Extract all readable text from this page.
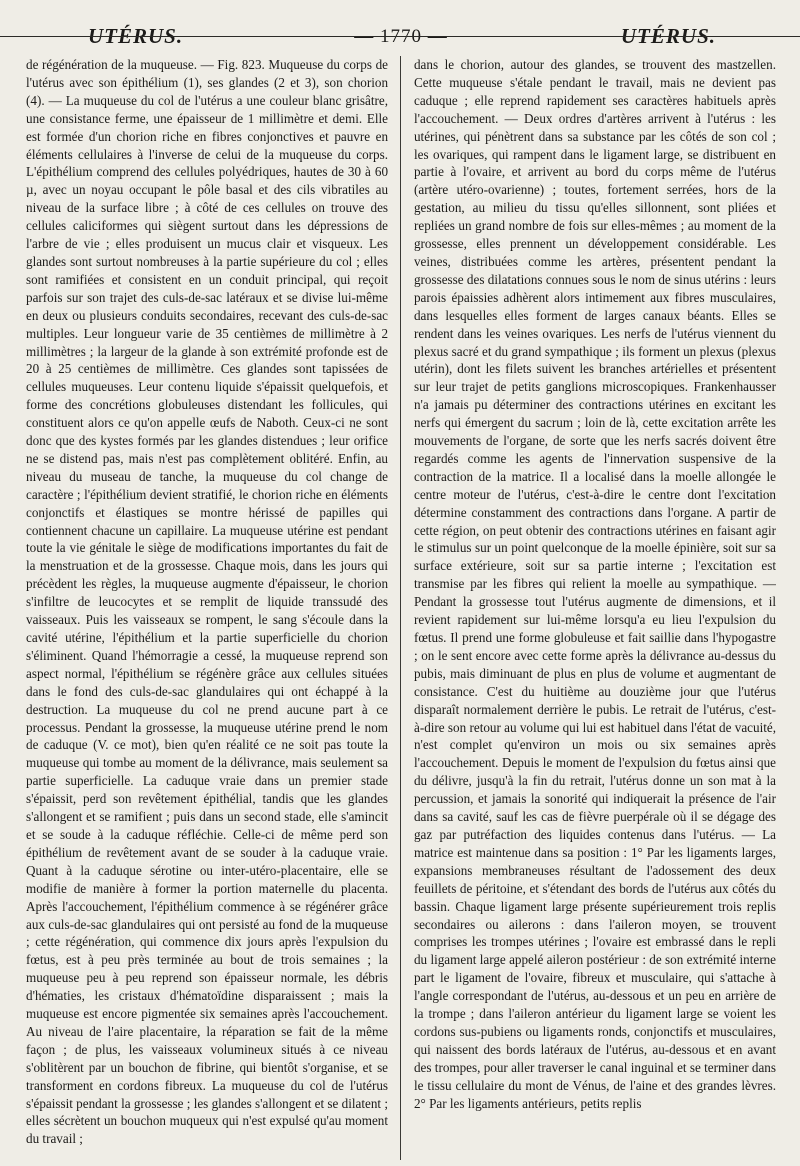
UTÉRUS.	— 1770 —	UTÉRUS.

de régénération de la muqueuse. — Fig. 823. Muqueuse du corps de l'utérus avec son épithélium (1), ses glandes (2 et 3), son chorion (4). — La muqueuse du col de l'utérus a une couleur blanc grisâtre, une consistance ferme, une épaisseur de 1 millimètre et demi. Elle est formée d'un chorion riche en fibres conjonctives et pauvre en éléments cellulaires à l'inverse de celui de la muqueuse du corps. L'épithélium comprend des cellules polyédriques, hautes de 30 à 60 µ, avec un noyau occupant le pôle basal et des cils vibratiles au niveau de la surface libre ; à côté de ces cellules on trouve des cellules caliciformes qui siègent surtout dans les dépressions de l'arbre de vie ; elles produisent un mucus clair et visqueux. Les glandes sont surtout nombreuses à la partie supérieure du col ; elles sont ramifiées et consistent en un conduit principal, qui reçoit parfois sur son trajet des culs-de-sac latéraux et se divise lui-même en deux ou plusieurs conduits secondaires, recevant des culs-de-sac multiples. Leur longueur varie de 35 centièmes de millimètre à 2 millimètres ; la largeur de la glande à son extrémité profonde est de 20 à 25 centièmes de millimètre. Ces glandes sont tapissées de cellules muqueuses. Leur contenu liquide s'épaissit quelquefois, et forme des concrétions globuleuses distendant les follicules, qui constituent alors ce qu'on appelle œufs de Naboth. Ceux-ci ne sont donc que des kystes formés par les glandes distendues ; leur orifice ne se distend pas, mais n'est pas complètement oblitéré. Enfin, au niveau du museau de tanche, la muqueuse du col change de caractère ; l'épithélium devient stratifié, le chorion riche en éléments conjonctifs et élastiques se montre hérissé de papilles qui contiennent chacune un capillaire. La muqueuse utérine est pendant toute la vie génitale le siège de modifications importantes du fait de la menstruation et de la grossesse. Chaque mois, dans les jours qui précèdent les règles, la muqueuse augmente d'épaisseur, le chorion s'infiltre de leucocytes et se remplit de liquide transsudé des vaisseaux. Puis les vaisseaux se rompent, le sang s'écoule dans la cavité utérine, l'épithélium et la partie superficielle du chorion s'éliminent. Quand l'hémorragie a cessé, la muqueuse reprend son aspect normal, l'épithélium se régénère grâce aux cellules situées dans le fond des culs-de-sac glandulaires qui ont échappé à la destruction. La muqueuse du col ne prend aucune part à ce processus. Pendant la grossesse, la muqueuse utérine prend le nom de caduque (V. ce mot), bien qu'en réalité ce ne soit pas toute la muqueuse qui tombe au moment de la délivrance, mais seulement sa partie superficielle. La caduque vraie dans un premier stade s'épaissit, perd son revêtement épithélial, tandis que les glandes s'allongent et se ramifient ; puis dans un second stade, elle s'amincit et se soude à la caduque réfléchie. Celle-ci de même perd son épithélium de revêtement avant de se souder à la caduque vraie. Quant à la caduque sérotine ou inter-utéro-placentaire, elle se modifie de manière à former la portion maternelle du placenta. Après l'accouchement, l'épithélium commence à se régénérer grâce aux culs-de-sac glandulaires qui ont persisté au fond de la muqueuse ; cette régénération, qui commence dix jours après l'expulsion du fœtus, est à peu près terminée au bout de trois semaines ; la muqueuse peu à peu reprend son épaisseur normale, les débris d'hématies, les cristaux d'hématoïdine disparaissent ; mais la muqueuse est encore pigmentée six semaines après l'accouchement. Au niveau de l'aire placentaire, la réparation se fait de la même façon ; de plus, les vaisseaux volumineux situés à ce niveau s'oblitèrent par un bouchon de fibrine, qui bientôt s'organise, et se transforment en cordons fibreux. La muqueuse du col de l'utérus s'épaissit pendant la grossesse ; les glandes s'allongent et se dilatent ; elles sécrètent un bouchon muqueux qui n'est expulsé qu'au moment du travail ;

dans le chorion, autour des glandes, se trouvent des mastzellen. Cette muqueuse s'étale pendant le travail, mais ne devient pas caduque ; elle reprend rapidement ses caractères habituels après l'accouchement. — Deux ordres d'artères arrivent à l'utérus : les utérines, qui pénètrent dans sa substance par les côtés de son col ; les ovariques, qui rampent dans le ligament large, se distribuent en partie à l'ovaire, et arrivent au bord du corps même de l'utérus (artère utéro-ovarienne) ; toutes, fortement serrées, hors de la gestation, au milieu du tissu qu'elles sillonnent, sont pliées et repliées un grand nombre de fois sur elles-mêmes ; au moment de la grossesse, elles prennent un développement considérable. Les veines, distribuées comme les artères, présentent pendant la grossesse des dilatations connues sous le nom de sinus utérins : leurs parois épaissies adhèrent alors intimement aux fibres musculaires, dans lesquelles elles forment de larges canaux béants. Elles se rendent dans les veines ovariques. Les nerfs de l'utérus viennent du plexus sacré et du grand sympathique ; ils forment un plexus (plexus utérin), dont les filets suivent les branches artérielles et présentent sur leur trajet de petits ganglions microscopiques. Frankenhausser n'a jamais pu déterminer des contractions utérines en excitant les nerfs qui émergent du sacrum ; loin de là, cette excitation arrête les mouvements de l'organe, de sorte que les nerfs sacrés doivent être regardés comme les agents de l'innervation suspensive de la contraction de la matrice. Il a localisé dans la moelle allongée le centre moteur de l'utérus, c'est-à-dire le centre dont l'excitation détermine constamment des contractions dans l'organe. A partir de cette région, on peut obtenir des contractions utérines en faisant agir le stimulus sur un point quelconque de la moelle épinière, soit sur sa surface extérieure, soit sur sa partie interne ; l'excitation est transmise par les fibres qui relient la moelle au sympathique. — Pendant la grossesse tout l'utérus augmente de dimensions, et il revient rapidement sur lui-même lorsqu'a eu lieu l'expulsion du fœtus. Il prend une forme globuleuse et fait saillie dans l'hypogastre ; on le sent encore avec cette forme après la délivrance au-dessus du pubis, mais diminuant de plus en plus de volume et augmentant de consistance. C'est du huitième au douzième jour que l'utérus disparaît normalement derrière le pubis. Le retrait de l'utérus, c'est-à-dire son retour au volume qui lui est habituel dans l'état de vacuité, n'est complet qu'environ un mois ou six semaines après l'accouchement. Depuis le moment de l'expulsion du fœtus ainsi que du délivre, jusqu'à la fin du retrait, l'utérus donne un son mat à la percussion, et jamais la sonorité qui indiquerait la présence de l'air dans sa cavité, sauf les cas de fièvre puerpérale où il se dégage des gaz par putréfaction des liquides contenus dans l'utérus. — La matrice est maintenue dans sa position : 1° Par les ligaments larges, expansions membraneuses résultant de l'adossement des deux feuillets de péritoine, et s'étendant des bords de l'utérus aux côtés du bassin. Chaque ligament large présente supérieurement trois replis secondaires ou ailerons : dans l'aileron moyen, se trouvent comprises les trompes utérines ; l'ovaire est embrassé dans le repli du ligament large appelé aileron postérieur : de son extrémité interne part le ligament de l'ovaire, fibreux et musculaire, qui s'attache à l'angle correspondant de l'utérus, au-dessous et un peu en arrière de la trompe ; dans l'aileron antérieur du ligament large se voient les cordons sus-pubiens ou ligaments ronds, conjonctifs et musculaires, qui naissent des bords latéraux de l'utérus, au-dessous et en avant des trompes, pour aller traverser le canal inguinal et se terminer dans le tissu cellulaire du mont de Vénus, de l'aine et des grandes lèvres. 2° Par les ligaments antérieurs, petits replis
